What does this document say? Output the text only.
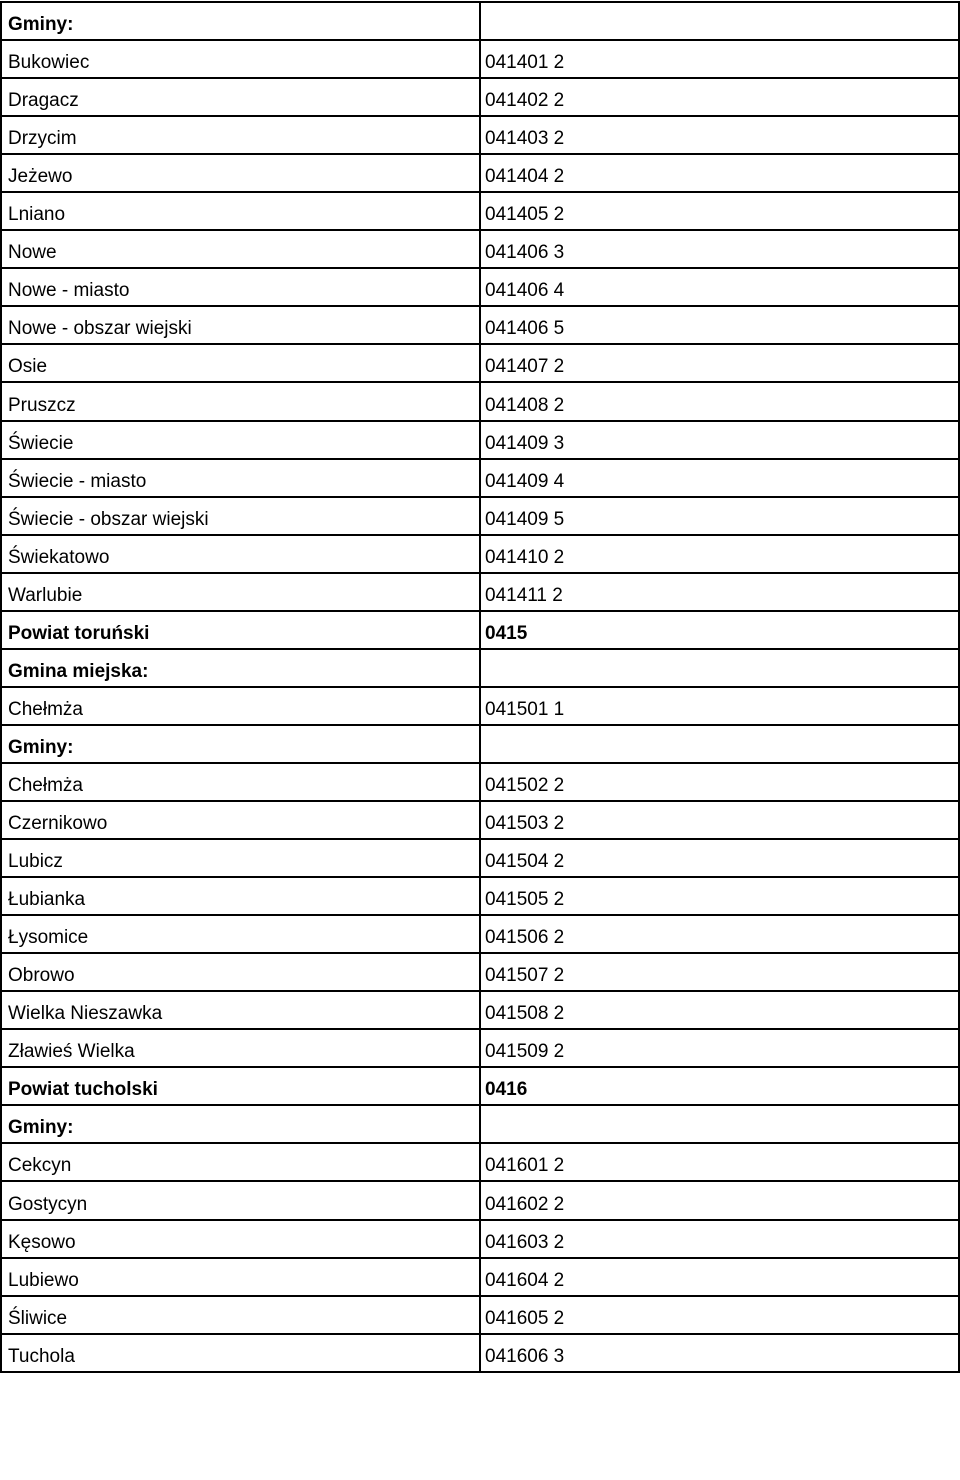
Gminy:	
Bukowiec	041401 2
Dragacz	041402 2
Drzycim	041403 2
Jeżewo	041404 2
Lniano	041405 2
Nowe	041406 3
Nowe - miasto	041406 4
Nowe - obszar wiejski	041406 5
Osie	041407 2
Pruszcz	041408 2
Świecie	041409 3
Świecie - miasto	041409 4
Świecie - obszar wiejski	041409 5
Świekatowo	041410 2
Warlubie	041411 2
Powiat toruński	0415
Gmina miejska:	
Chełmża	041501 1
Gminy:	
Chełmża	041502 2
Czernikowo	041503 2
Lubicz	041504 2
Łubianka	041505 2
Łysomice	041506 2
Obrowo	041507 2
Wielka Nieszawka	041508 2
Zławieś Wielka	041509 2
Powiat tucholski	0416
Gminy:	
Cekcyn	041601 2
Gostycyn	041602 2
Kęsowo	041603 2
Lubiewo	041604 2
Śliwice	041605 2
Tuchola	041606 3
